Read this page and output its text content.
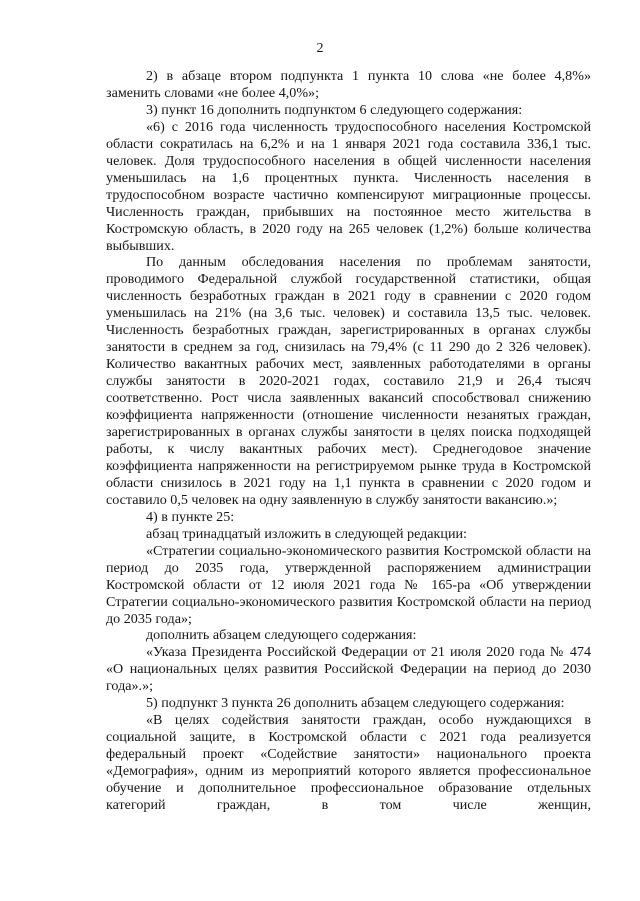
2

2) в абзаце втором подпункта 1 пункта 10 слова «не более 4,8%» заменить словами «не более 4,0%»;

3) пункт 16 дополнить подпунктом 6 следующего содержания:

«6) с 2016 года численность трудоспособного населения Костромской области сократилась на 6,2% и на 1 января 2021 года составила 336,1 тыс. человек. Доля трудоспособного населения в общей численности населения уменьшилась на 1,6 процентных пункта. Численность населения в трудоспособном возрасте частично компенсируют миграционные процессы. Численность граждан, прибывших на постоянное место жительства в Костромскую область, в 2020 году на 265 человек (1,2%) больше количества выбывших.

По данным обследования населения по проблемам занятости, проводимого Федеральной службой государственной статистики, общая численность безработных граждан в 2021 году в сравнении с 2020 годом уменьшилась на 21% (на 3,6 тыс. человек) и составила 13,5 тыс. человек. Численность безработных граждан, зарегистрированных в органах службы занятости в среднем за год, снизилась на 79,4% (с 11 290 до 2 326 человек). Количество вакантных рабочих мест, заявленных работодателями в органы службы занятости в 2020-2021 годах, составило 21,9 и 26,4 тысяч соответственно. Рост числа заявленных вакансий способствовал снижению коэффициента напряженности (отношение численности незанятых граждан, зарегистрированных в органах службы занятости в целях поиска подходящей работы, к числу вакантных рабочих мест). Среднегодовое значение коэффициента напряженности на регистрируемом рынке труда в Костромской области снизилось в 2021 году на 1,1 пункта в сравнении с 2020 годом и составило 0,5 человек на одну заявленную в службу занятости вакансию.»;

4) в пункте 25:

абзац тринадцатый изложить в следующей редакции:

«Стратегии социально-экономического развития Костромской области на период до 2035 года, утвержденной распоряжением администрации Костромской области от 12 июля 2021 года № 165-ра «Об утверждении Стратегии социально-экономического развития Костромской области на период до 2035 года»;

дополнить абзацем следующего содержания:

«Указа Президента Российской Федерации от 21 июля 2020 года № 474 «О национальных целях развития Российской Федерации на период до 2030 года».»;

5) подпункт 3 пункта 26 дополнить абзацем следующего содержания:

«В целях содействия занятости граждан, особо нуждающихся в социальной защите, в Костромской области с 2021 года реализуется федеральный проект «Содействие занятости» национального проекта «Демография», одним из мероприятий которого является профессиональное обучение и дополнительное профессиональное образование отдельных категорий граждан, в том числе женщин,
